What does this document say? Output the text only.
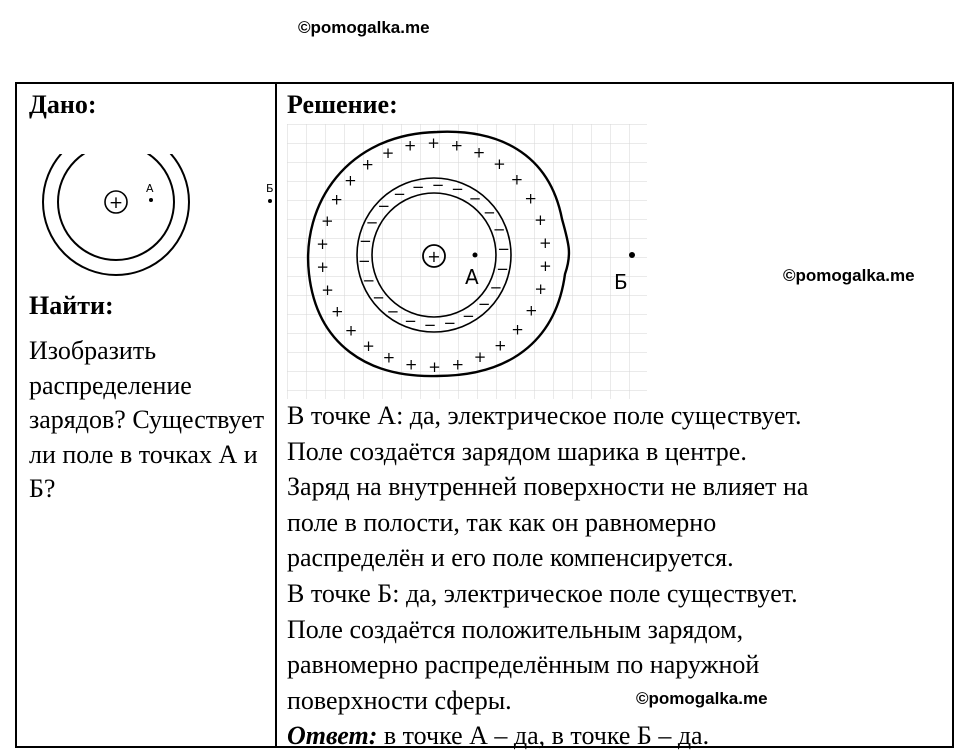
©pomogalka.me
©pomogalka.me
©pomogalka.me
Дано:
+
А	Б
Найти:
Изобразить распределение зарядов? Существует ли поле в точках А и Б?
Решение:
+
+
+
+
+
+
+
+
+
+
+
+
+
+
+
+
+
+
+
+
+ + + + +
+
+
+
+
+
−
−
−
−
−
−
−
−
−
−
−
−
−
−
− − − −
−
−
−
−
+
А	Б
В точке А: да, электрическое поле существует.
Поле создаётся зарядом шарика в центре.
Заряд на внутренней поверхности не влияет на
поле в полости, так как он равномерно
распределён и его поле компенсируется.
В точке Б: да, электрическое поле существует.
Поле создаётся положительным зарядом,
равномерно распределённым по наружной
поверхности сферы.
Ответ: в точке А – да, в точке Б – да.
